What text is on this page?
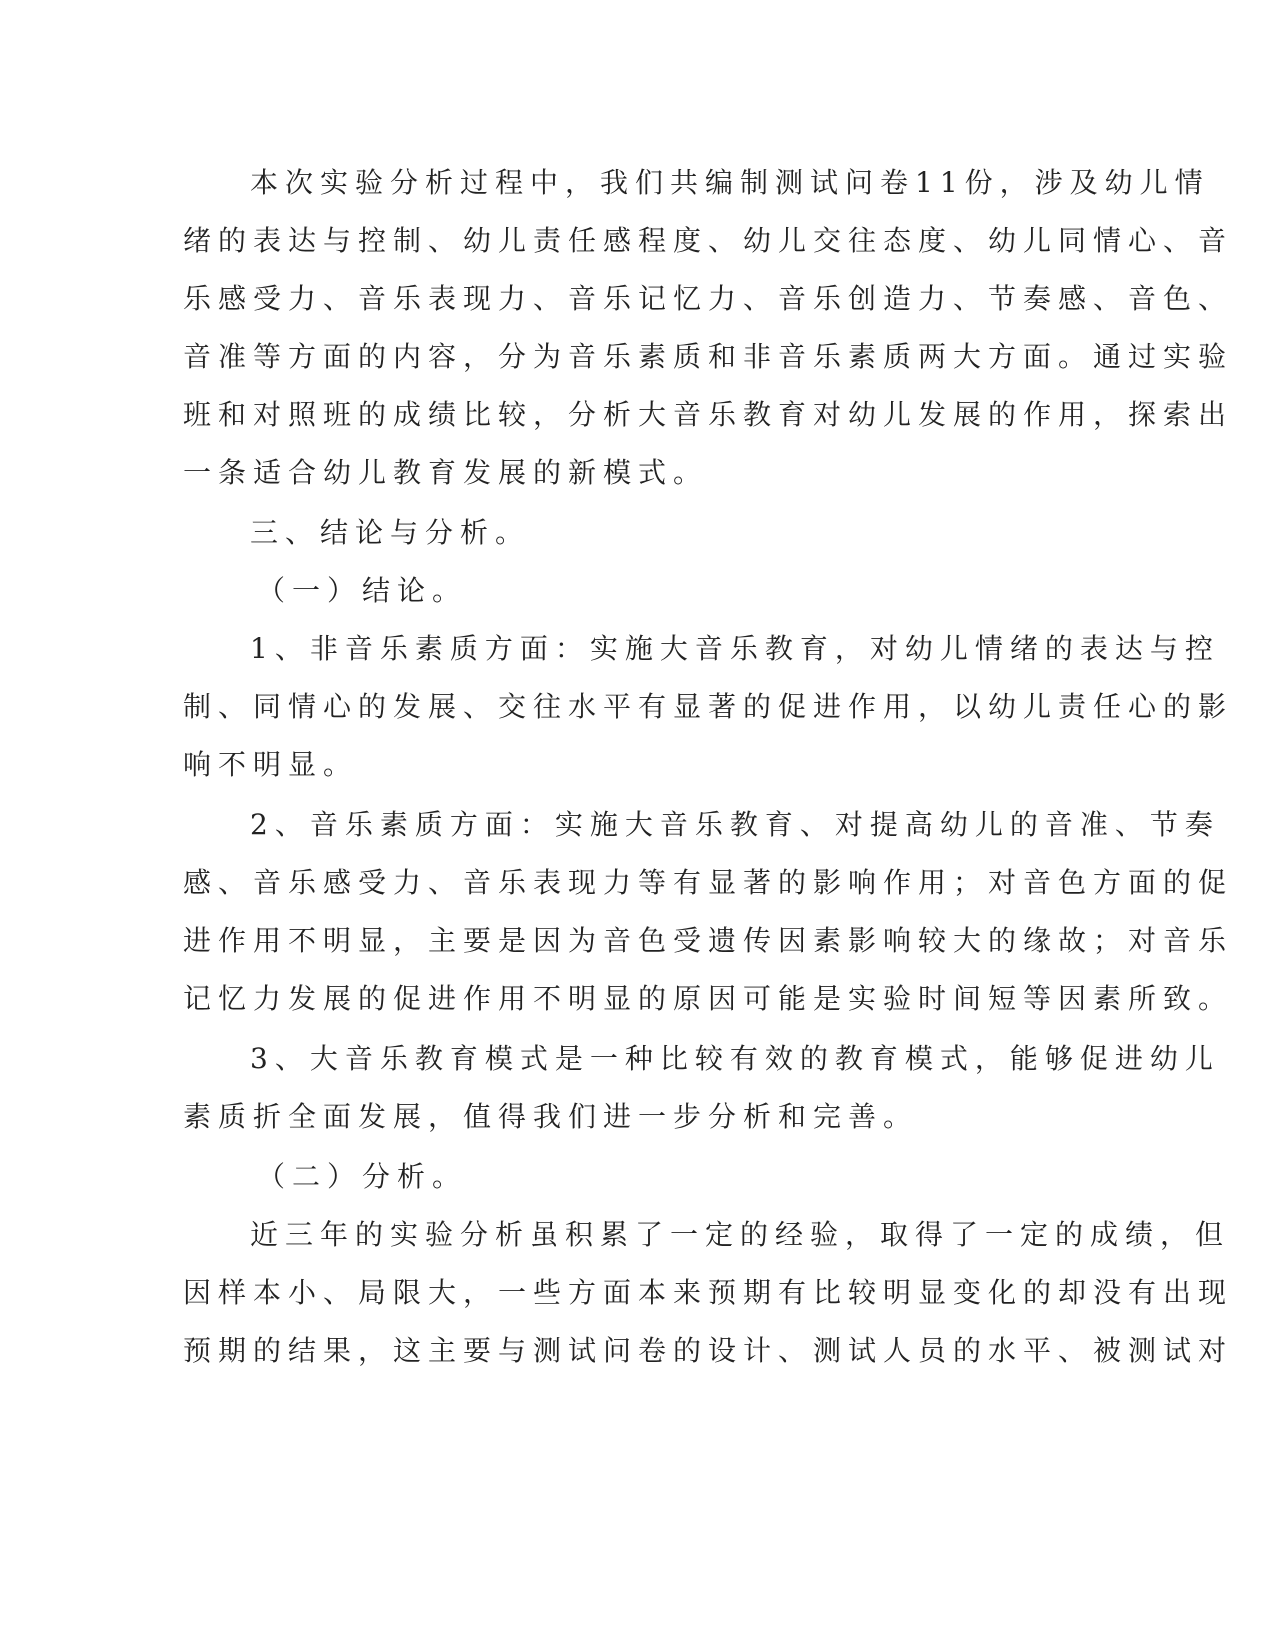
本次实验分析过程中，我们共编制测试问卷11份，涉及幼儿情
绪的表达与控制、幼儿责任感程度、幼儿交往态度、幼儿同情心、音
乐感受力、音乐表现力、音乐记忆力、音乐创造力、节奏感、音色、
音准等方面的内容，分为音乐素质和非音乐素质两大方面。通过实验
班和对照班的成绩比较，分析大音乐教育对幼儿发展的作用，探索出
一条适合幼儿教育发展的新模式。
三、结论与分析。
（一）结论。
1、非音乐素质方面：实施大音乐教育，对幼儿情绪的表达与控
制、同情心的发展、交往水平有显著的促进作用，以幼儿责任心的影
响不明显。
2、音乐素质方面：实施大音乐教育、对提高幼儿的音准、节奏
感、音乐感受力、音乐表现力等有显著的影响作用；对音色方面的促
进作用不明显，主要是因为音色受遗传因素影响较大的缘故；对音乐
记忆力发展的促进作用不明显的原因可能是实验时间短等因素所致。
3、大音乐教育模式是一种比较有效的教育模式，能够促进幼儿
素质折全面发展，值得我们进一步分析和完善。
（二）分析。
近三年的实验分析虽积累了一定的经验，取得了一定的成绩，但
因样本小、局限大，一些方面本来预期有比较明显变化的却没有出现
预期的结果，这主要与测试问卷的设计、测试人员的水平、被测试对
